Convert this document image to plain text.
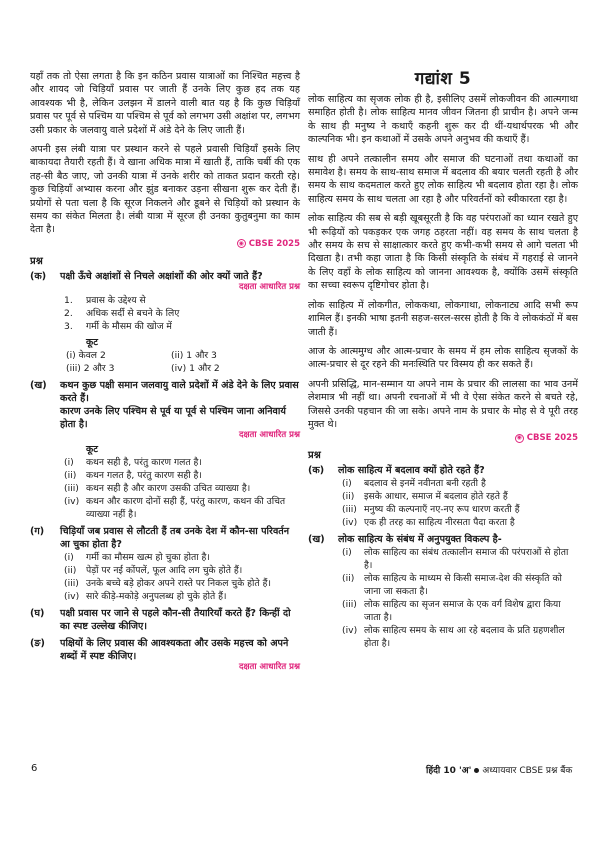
यहाँ तक तो ऐसा लगता है कि इन कठिन प्रवास यात्राओं का निश्चित महत्त्व है और शायद जो चिड़ियाँ प्रवास पर जाती हैं उनके लिए कुछ हद तक यह आवश्यक भी है, लेकिन उलझन में डालने वाली बात यह है कि कुछ चिड़ियाँ प्रवास पर पूर्व से पश्चिम या पश्चिम से पूर्व को लगभग उसी अक्षांश पर, लगभग उसी प्रकार के जलवायु वाले प्रदेशों में अंडे देने के लिए जाती हैं।

अपनी इस लंबी यात्रा पर प्रस्थान करने से पहले प्रवासी चिड़ियाँ इसके लिए बाकायदा तैयारी रहती हैं। वे खाना अधिक मात्रा में खाती हैं, ताकि चर्बी की एक तह-सी बैठ जाए, जो उनकी यात्रा में उनके शरीर को ताकत प्रदान करती रहे। कुछ चिड़ियाँ अभ्यास करना और झुंड बनाकर उड़ना सीखना शुरू कर देती हैं। प्रयोगों से पता चला है कि सूरज निकलने और डूबने से चिड़ियों को प्रस्थान के समय का संकेत मिलता है। लंबी यात्रा में सूरज ही उनका कुतुबनुमा का काम देता है।

◉ CBSE 2025
प्रश्न
(क)	पक्षी ऊँचे अक्षांशों से निचले अक्षांशों की ओर क्यों जाते हैं?
दक्षता आधारित प्रश्न
1.	प्रवास के उद्देश्य से
2.	अधिक सर्दी से बचने के लिए
3.	गर्मी के मौसम की खोज में
कूट
(i) केवल 2	(ii) 1 और 3
(iii) 2 और 3	(iv) 1 और 2
(ख)	कथन कुछ पक्षी समान जलवायु वाले प्रदेशों में अंडे देने के लिए प्रवास करते हैं।
कारण उनके लिए पश्चिम से पूर्व या पूर्व से पश्चिम जाना अनिवार्य होता है।
दक्षता आधारित प्रश्न
कूट
(i)	कथन सही है, परंतु कारण गलत है।
(ii)	कथन गलत है, परंतु कारण सही है।
(iii) कथन सही है और कारण उसकी उचित व्याख्या है।
(iv) कथन और कारण दोनों सही हैं, परंतु कारण, कथन की उचित व्याख्या नहीं है।
(ग)	चिड़ियाँ जब प्रवास से लौटती हैं तब उनके देश में कौन-सा परिवर्तन आ चुका होता है?
(i)	गर्मी का मौसम खत्म हो चुका होता है।
(ii)	पेड़ों पर नई कोंपलें, फूल आदि लग चुके होते हैं।
(iii) उनके बच्चे बड़े होकर अपने रास्ते पर निकल चुके होते हैं।
(iv) सारे कीड़े-मकोड़े अनुपलब्ध हो चुके होते हैं।
(घ)	पक्षी प्रवास पर जाने से पहले कौन-सी तैयारियाँ करते हैं? किन्हीं दो का स्पष्ट उल्लेख कीजिए।
(ङ)	पक्षियों के लिए प्रवास की आवश्यकता और उसके महत्त्व को अपने शब्दों में स्पष्ट कीजिए।
दक्षता आधारित प्रश्न
गद्यांश 5

लोक साहित्य का सृजक लोक ही है, इसीलिए उसमें लोकजीवन की आत्मगाथा समाहित होती है। लोक साहित्य मानव जीवन जितना ही प्राचीन है। अपने जन्म के साथ ही मनुष्य ने कथाएँ कहनी शुरू कर दी थीं-यथार्थपरक भी और काल्पनिक भी। इन कथाओं में उसके अपने अनुभव की कथाएँ हैं।

साथ ही अपने तत्कालीन समय और समाज की घटनाओं तथा कथाओं का समावेश है। समय के साथ-साथ समाज में बदलाव की बयार चलती रहती है और समय के साथ कदमताल करते हुए लोक साहित्य भी बदलाव होता रहा है। लोक साहित्य समय के साथ चलता आ रहा है और परिवर्तनों को स्वीकारता रहा है।

लोक साहित्य की सब से बड़ी खूबसूरती है कि वह परंपराओं का ध्यान रखते हुए भी रूढ़ियों को पकड़कर एक जगह ठहरता नहीं। वह समय के साथ चलता है और समय के सच से साक्षात्कार करते हुए कभी-कभी समय से आगे चलता भी दिखता है। तभी कहा जाता है कि किसी संस्कृति के संबंध में गहराई से जानने के लिए वहाँ के लोक साहित्य को जानना आवश्यक है, क्योंकि उसमें संस्कृति का सच्चा स्वरूप दृष्टिगोचर होता है।

लोक साहित्य में लोकगीत, लोककथा, लोकगाथा, लोकनाट्य आदि सभी रूप शामिल हैं। इनकी भाषा इतनी सहज-सरल-सरस होती है कि वे लोककंठों में बस जाती हैं।

आज के आत्ममुग्ध और आत्म-प्रचार के समय में हम लोक साहित्य सृजकों के आत्म-प्रचार से दूर रहने की मनःस्थिति पर विस्मय ही कर सकते हैं।

अपनी प्रसिद्धि, मान-सम्मान या अपने नाम के प्रचार की लालसा का भाव उनमें लेशमात्र भी नहीं था। अपनी रचनाओं में भी वे ऐसा संकेत करने से बचते रहे, जिससे उनकी पहचान की जा सके। अपने नाम के प्रचार के मोह से वे पूरी तरह मुक्त थे।

◉ CBSE 2025
प्रश्न
(क)	लोक साहित्य में बदलाव क्यों होते रहते हैं?
(i)	बदलाव से इनमें नवीनता बनी रहती है
(ii)	इसके आधार, समाज में बदलाव होते रहते हैं
(iii) मनुष्य की कल्पनाएँ नए-नए रूप धारण करती हैं
(iv) एक ही तरह का साहित्य नीरसता पैदा करता है
(ख)	लोक साहित्य के संबंध में अनुपयुक्त विकल्प है-
(i)	लोक साहित्य का संबंध तत्कालीन समाज की परंपराओं से होता है।
(ii)	लोक साहित्य के माध्यम से किसी समाज-देश की संस्कृति को जाना जा सकता है।
(iii) लोक साहित्य का सृजन समाज के एक वर्ग विशेष द्वारा किया जाता है।
(iv) लोक साहित्य समय के साथ आ रहे बदलाव के प्रति ग्रहणशील होता है।
6	हिंदी 10 'अ' अध्यायवार CBSE प्रश्न बैंक
